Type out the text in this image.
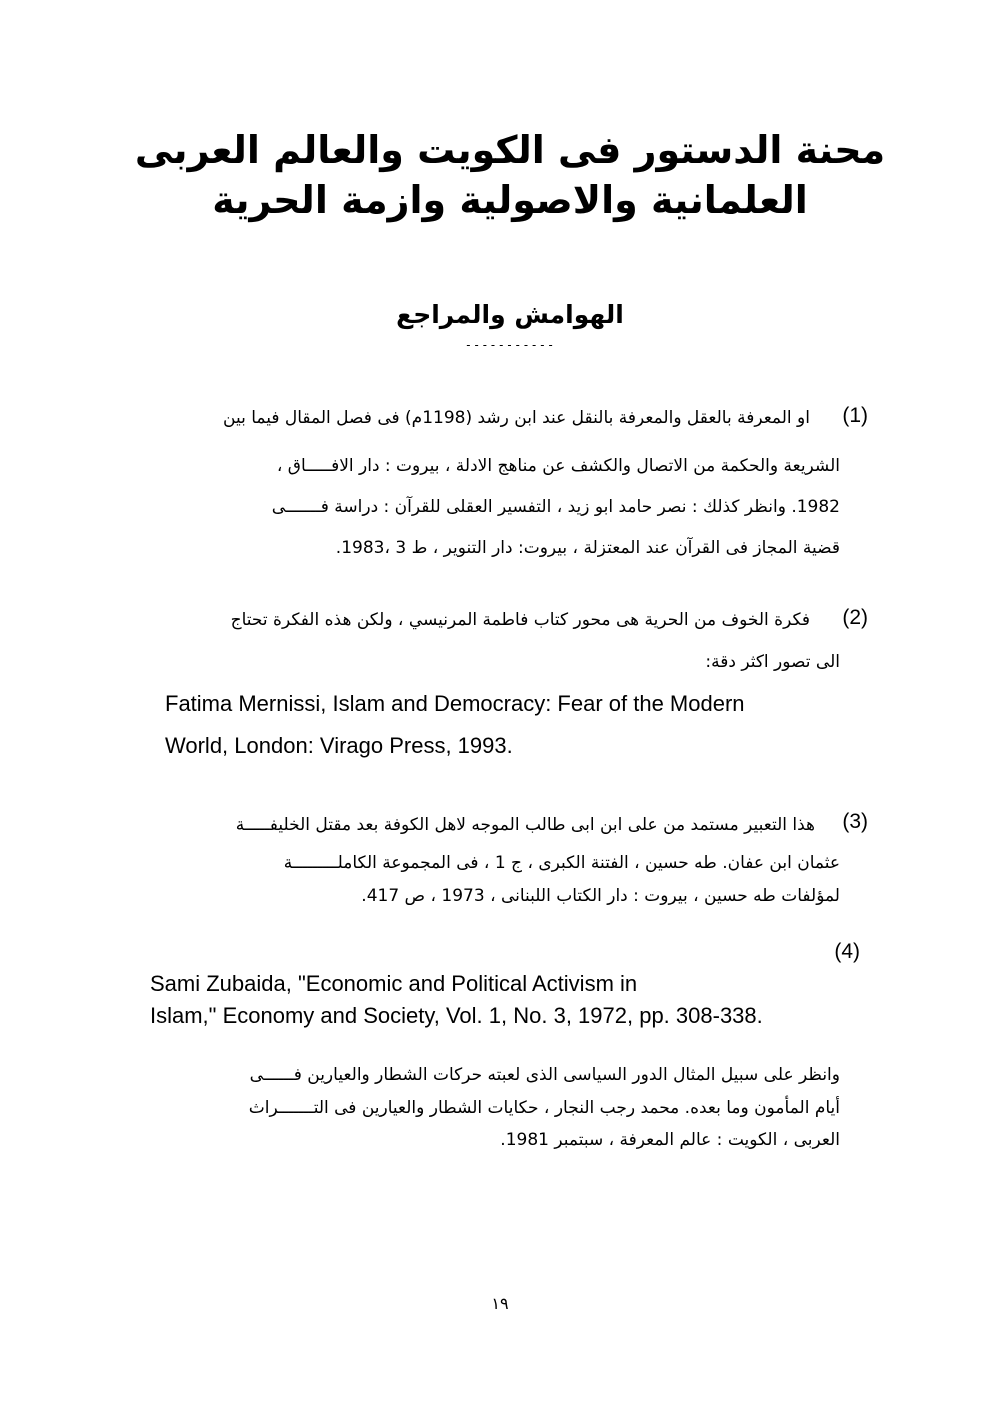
محنة الدستور فى الكويت والعالم العربى
العلمانية والاصولية وازمة الحرية
الهوامش والمراجع
-----------
او المعرفة بالعقل والمعرفة بالنقل عند ابن رشد (1198م) فى فصل المقال فيما بين	(1)
الشريعة والحكمة من الاتصال والكشف عن مناهج الادلة ، بيروت : دار الافـــــاق ،
1982. وانظر كذلك : نصر حامد ابو زيد ، التفسير العقلى للقرآن : دراسة فـــــــى
قضية المجاز فى القرآن عند المعتزلة ، بيروت: دار التنوير ، ط 3 ،1983.
فكرة الخوف من الحرية هى محور كتاب فاطمة المرنيسي ، ولكن هذه الفكرة تحتاج	(2)
الى تصور اكثر دقة:
Fatima Mernissi, Islam and Democracy: Fear of the Modern
World, London: Virago Press, 1993.
هذا التعبير مستمد من على ابن ابى طالب الموجه لاهل الكوفة بعد مقتل الخليفـــــة	(3)
عثمان ابن عفان. طه حسين ، الفتنة الكبرى ، ج 1 ، فى المجموعة الكاملـــــــــة
لمؤلفات طه حسين ، بيروت : دار الكتاب اللبنانى ، 1973 ، ص 417.
(4)
Sami Zubaida, "Economic and Political Activism in
Islam," Economy and Society, Vol. 1, No. 3, 1972, pp. 308-338.
وانظر على سبيل المثال الدور السياسى الذى لعبته حركات الشطار والعيارين فــــــى
أيام المأمون وما بعده. محمد رجب النجار ، حكايات الشطار والعيارين فى التـــــــراث
العربى ، الكويت : عالم المعرفة ، سبتمبر 1981.
١٩
